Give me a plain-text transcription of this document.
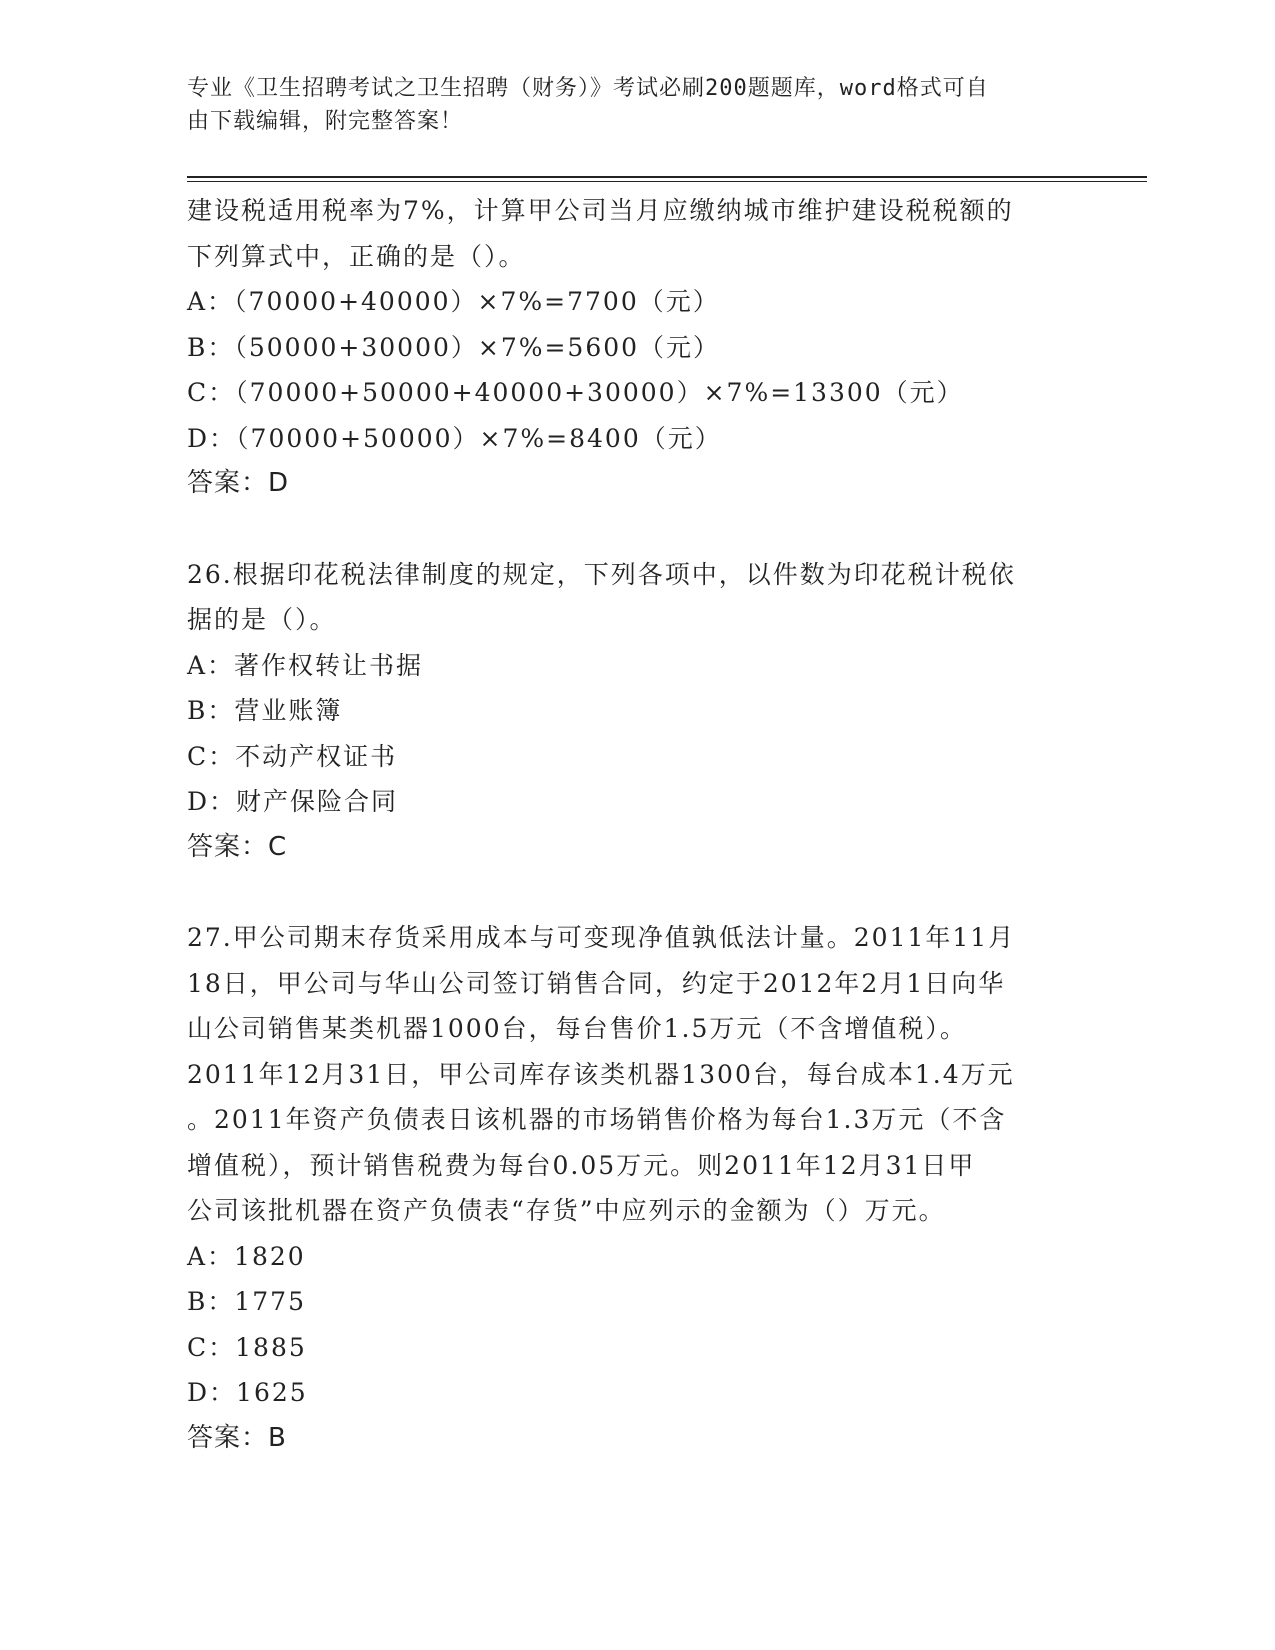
专业《卫生招聘考试之卫生招聘（财务）》考试必刷200题题库，word格式可自
由下载编辑，附完整答案！
建设税适用税率为7%，计算甲公司当月应缴纳城市维护建设税税额的
下列算式中，正确的是（）。
A：（70000+40000）×7%=7700（元）
B：（50000+30000）×7%=5600（元）
C：（70000+50000+40000+30000）×7%=13300（元）
D：（70000+50000）×7%=8400（元）
答案：D
26.根据印花税法律制度的规定，下列各项中，以件数为印花税计税依
据的是（）。
A：著作权转让书据
B：营业账簿
C：不动产权证书
D：财产保险合同
答案：C
27.甲公司期末存货采用成本与可变现净值孰低法计量。2011年11月
18日，甲公司与华山公司签订销售合同，约定于2012年2月1日向华
山公司销售某类机器1000台，每台售价1.5万元（不含增值税）。
2011年12月31日，甲公司库存该类机器1300台，每台成本1.4万元
。2011年资产负债表日该机器的市场销售价格为每台1.3万元（不含
增值税），预计销售税费为每台0.05万元。则2011年12月31日甲
公司该批机器在资产负债表“存货”中应列示的金额为（）万元。
A：1820
B：1775
C：1885
D：1625
答案：B
